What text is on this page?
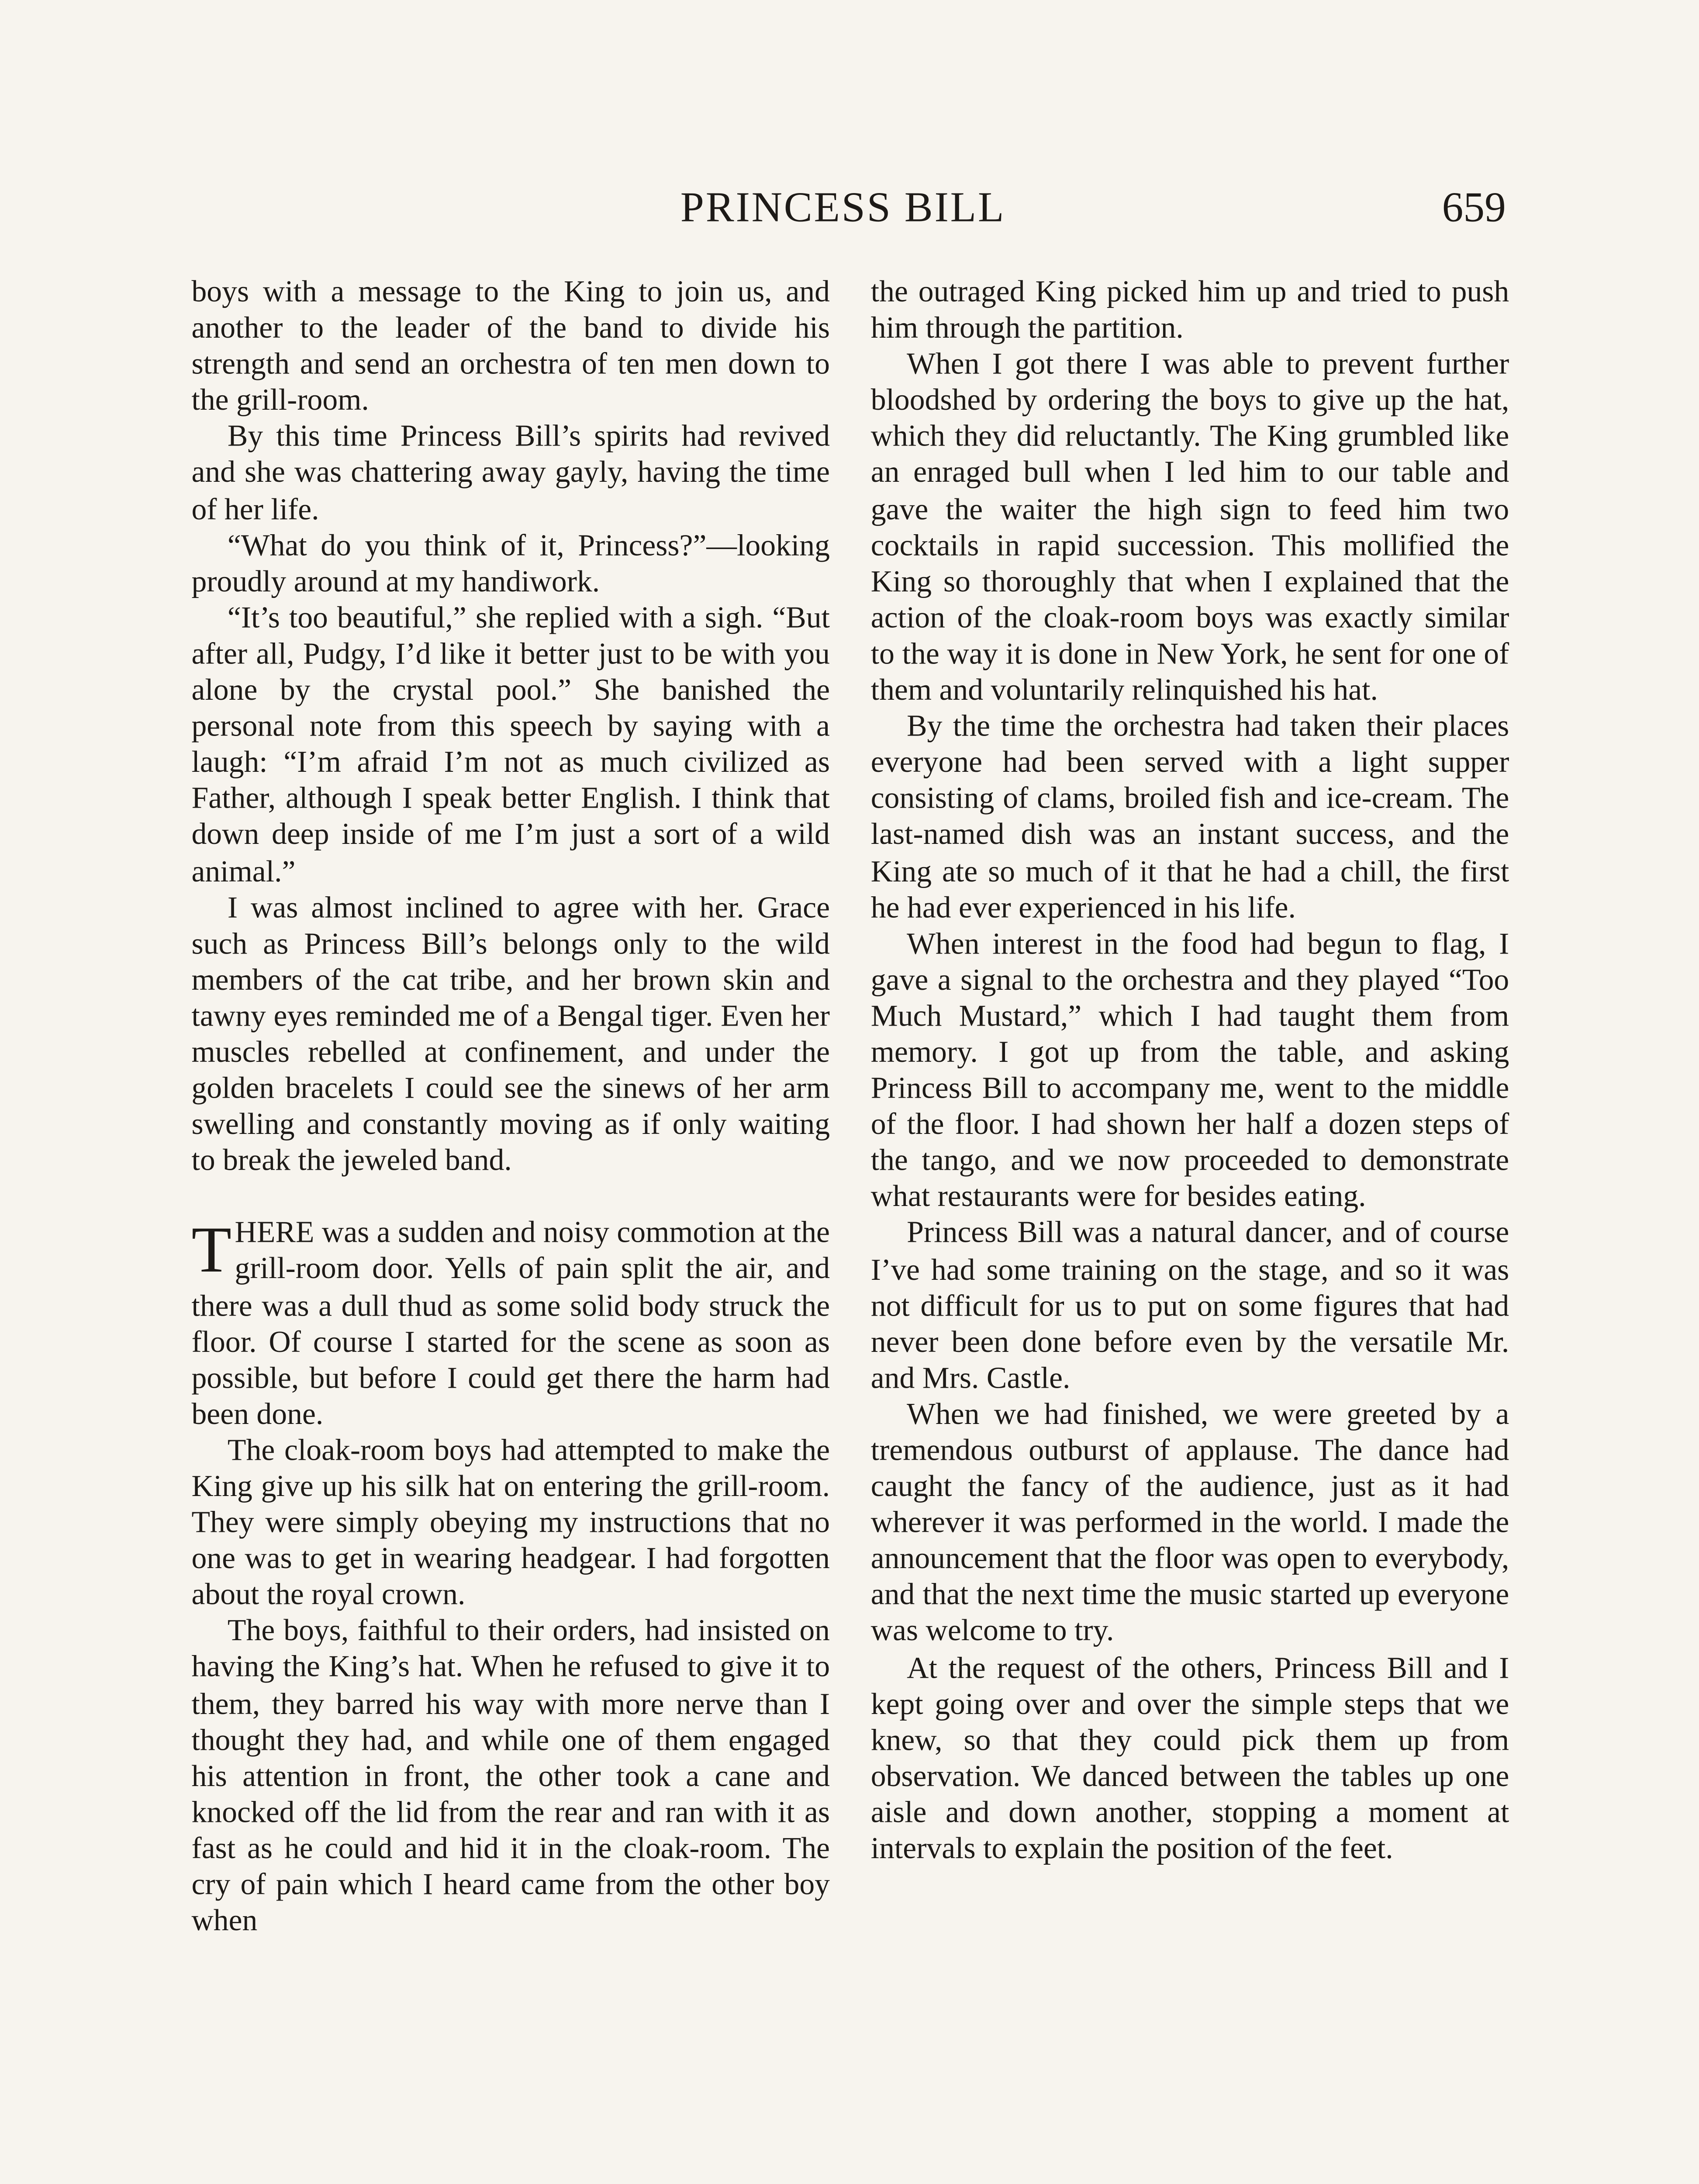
PRINCESS BILL	659

boys with a message to the King to join us, and another to the leader of the band to divide his strength and send an orchestra of ten men down to the grill-room.

By this time Princess Bill’s spirits had revived and she was chattering away gayly, having the time of her life.

“What do you think of it, Princess?”—looking proudly around at my handiwork.

“It’s too beautiful,” she replied with a sigh. “But after all, Pudgy, I’d like it better just to be with you alone by the crystal pool.” She banished the personal note from this speech by saying with a laugh: “I’m afraid I’m not as much civilized as Father, although I speak better English. I think that down deep inside of me I’m just a sort of a wild animal.”

I was almost inclined to agree with her. Grace such as Princess Bill’s belongs only to the wild members of the cat tribe, and her brown skin and tawny eyes reminded me of a Bengal tiger. Even her muscles rebelled at confinement, and under the golden bracelets I could see the sinews of her arm swelling and constantly moving as if only waiting to break the jeweled band.

THERE was a sudden and noisy commotion at the grill-room door. Yells of pain split the air, and there was a dull thud as some solid body struck the floor. Of course I started for the scene as soon as possible, but before I could get there the harm had been done.

The cloak-room boys had attempted to make the King give up his silk hat on entering the grill-room. They were simply obeying my instructions that no one was to get in wearing headgear. I had forgotten about the royal crown.

The boys, faithful to their orders, had insisted on having the King’s hat. When he refused to give it to them, they barred his way with more nerve than I thought they had, and while one of them engaged his attention in front, the other took a cane and knocked off the lid from the rear and ran with it as fast as he could and hid it in the cloak-room. The cry of pain which I heard came from the other boy when

the outraged King picked him up and tried to push him through the partition.

When I got there I was able to prevent further bloodshed by ordering the boys to give up the hat, which they did reluctantly. The King grumbled like an enraged bull when I led him to our table and gave the waiter the high sign to feed him two cocktails in rapid succession. This mollified the King so thoroughly that when I explained that the action of the cloak-room boys was exactly similar to the way it is done in New York, he sent for one of them and voluntarily relinquished his hat.

By the time the orchestra had taken their places everyone had been served with a light supper consisting of clams, broiled fish and ice-cream. The last-named dish was an instant success, and the King ate so much of it that he had a chill, the first he had ever experienced in his life.

When interest in the food had begun to flag, I gave a signal to the orchestra and they played “Too Much Mustard,” which I had taught them from memory. I got up from the table, and asking Princess Bill to accompany me, went to the middle of the floor. I had shown her half a dozen steps of the tango, and we now proceeded to demonstrate what restaurants were for besides eating.

Princess Bill was a natural dancer, and of course I’ve had some training on the stage, and so it was not difficult for us to put on some figures that had never been done before even by the versatile Mr. and Mrs. Castle.

When we had finished, we were greeted by a tremendous outburst of applause. The dance had caught the fancy of the audience, just as it had wherever it was performed in the world. I made the announcement that the floor was open to everybody, and that the next time the music started up everyone was welcome to try.

At the request of the others, Princess Bill and I kept going over and over the simple steps that we knew, so that they could pick them up from observation. We danced between the tables up one aisle and down another, stopping a moment at intervals to explain the position of the feet.
